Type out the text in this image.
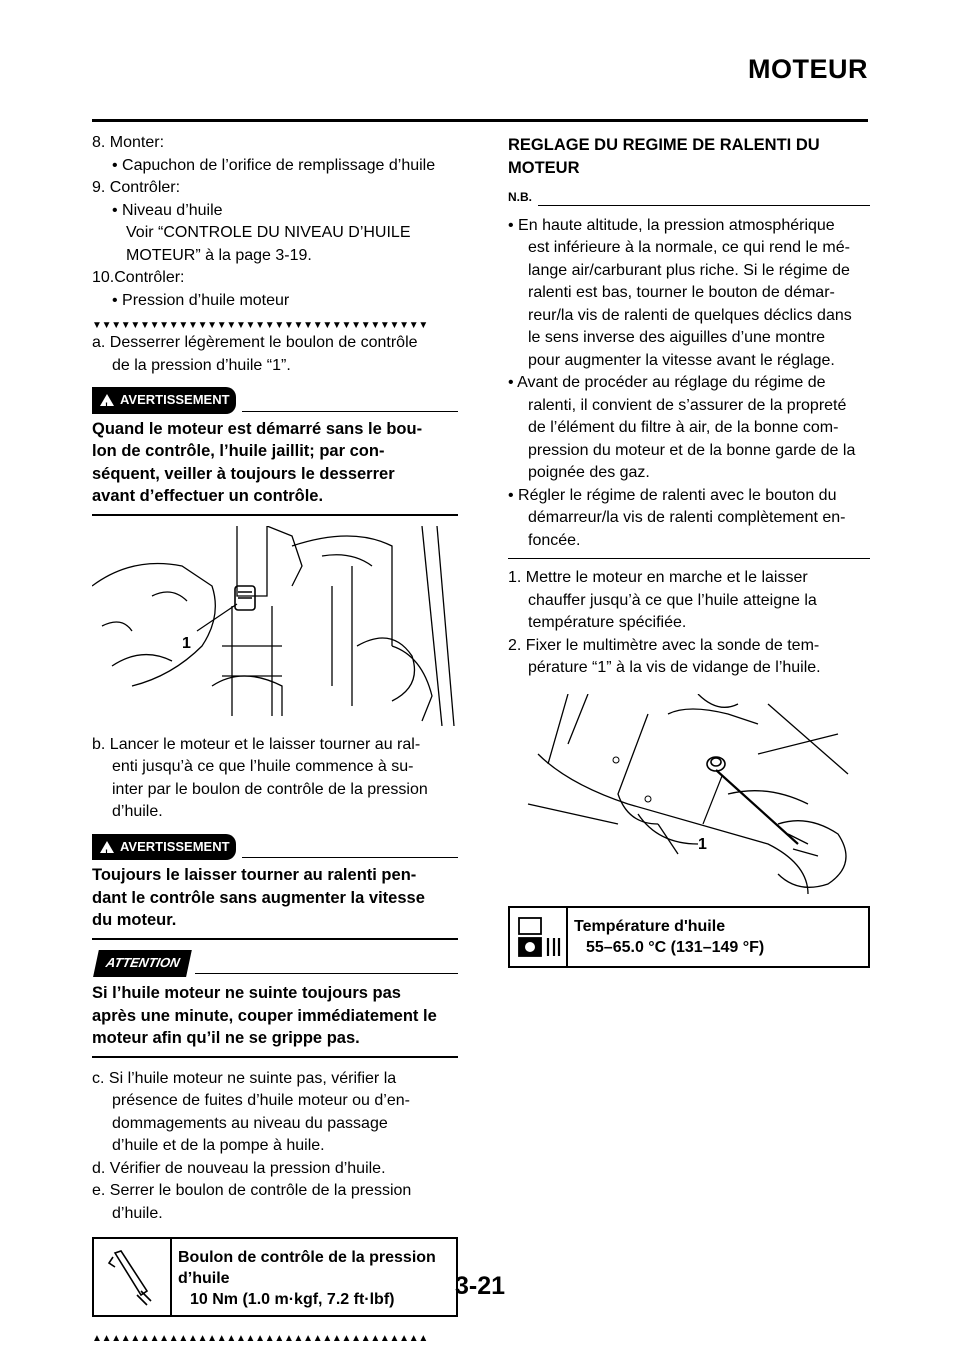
MOTEUR
8. Monter:
• Capuchon de l’orifice de remplissage d’huile
9. Contrôler:
• Niveau d’huile
Voir “CONTROLE DU NIVEAU D’HUILE
MOTEUR” à la page 3-19.
10.Contrôler:
• Pression d’huile moteur
▼▼▼▼▼▼▼▼▼▼▼▼▼▼▼▼▼▼▼▼▼▼▼▼▼▼▼▼▼▼▼▼▼▼▼
a. Desserrer légèrement le boulon de contrôle
de la pression d’huile “1”.
!
AVERTISSEMENT
Quand le moteur est démarré sans le bou-
lon de contrôle, l’huile jaillit; par con-
séquent, veiller à toujours le desserrer
avant d’effectuer un contrôle.
1
b. Lancer le moteur et le laisser tourner au ral-
enti jusqu’à ce que l’huile commence à su-
inter par le boulon de contrôle de la pression
d’huile.
!
AVERTISSEMENT
Toujours le laisser tourner au ralenti pen-
dant le contrôle sans augmenter la vitesse
du moteur.
ATTENTION
Si l’huile moteur ne suinte toujours pas
après une minute, couper immédiatement le
moteur afin qu’il ne se grippe pas.
c. Si l’huile moteur ne suinte pas, vérifier la
présence de fuites d’huile moteur ou d’en-
dommagements au niveau du passage
d’huile et de la pompe à huile.
d. Vérifier de nouveau la pression d’huile.
e. Serrer le boulon de contrôle de la pression
d’huile.
Boulon de contrôle de la pression
d’huile
10 Nm (1.0 m·kgf, 7.2 ft·lbf)
▲▲▲▲▲▲▲▲▲▲▲▲▲▲▲▲▲▲▲▲▲▲▲▲▲▲▲▲▲▲▲▲▲▲▲
REGLAGE DU REGIME DE RALENTI DU
MOTEUR
N.B.
• En haute altitude, la pression atmosphérique
est inférieure à la normale, ce qui rend le mé-
lange air/carburant plus riche. Si le régime de
ralenti est bas, tourner le bouton de démar-
reur/la vis de ralenti de quelques déclics dans
le sens inverse des aiguilles d’une montre
pour augmenter la vitesse avant le réglage.
• Avant de procéder au réglage du régime de
ralenti, il convient de s’assurer de la propreté
de l’élément du filtre à air, de la bonne com-
pression du moteur et de la bonne garde de la
poignée des gaz.
• Régler le régime de ralenti avec le bouton du
démarreur/la vis de ralenti complètement en-
foncée.
1. Mettre le moteur en marche et le laisser
chauffer jusqu’à ce que l’huile atteigne la
température spécifiée.
2. Fixer le multimètre avec la sonde de tem-
pérature “1” à la vis de vidange de l’huile.
1
Température d'huile
55–65.0 °C (131–149 °F)
3-21
